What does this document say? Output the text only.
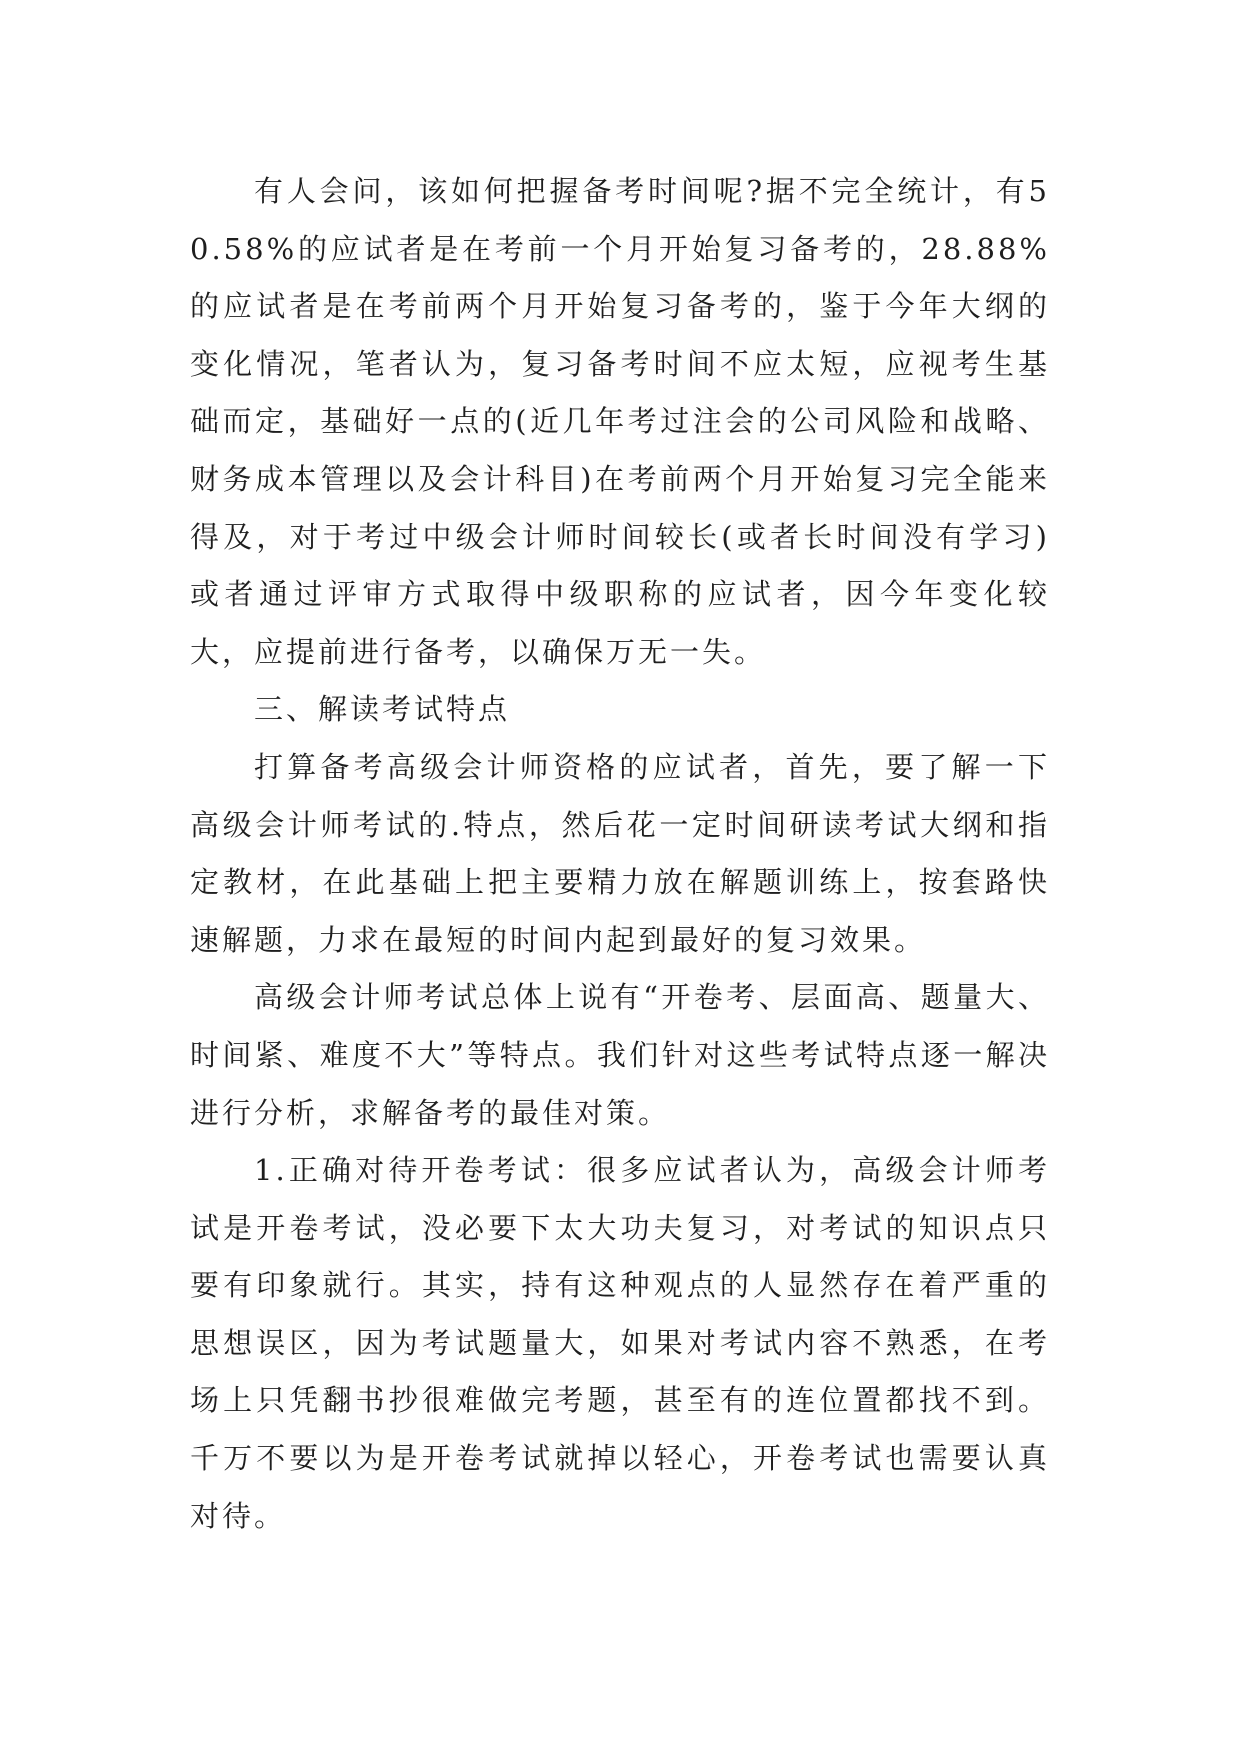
有人会问，该如何把握备考时间呢?据不完全统计，有50.58%的应试者是在考前一个月开始复习备考的，28.88%的应试者是在考前两个月开始复习备考的，鉴于今年大纲的变化情况，笔者认为，复习备考时间不应太短，应视考生基础而定，基础好一点的(近几年考过注会的公司风险和战略、财务成本管理以及会计科目)在考前两个月开始复习完全能来得及，对于考过中级会计师时间较长(或者长时间没有学习)或者通过评审方式取得中级职称的应试者，因今年变化较大，应提前进行备考，以确保万无一失。

三、解读考试特点

打算备考高级会计师资格的应试者，首先，要了解一下高级会计师考试的.特点，然后花一定时间研读考试大纲和指定教材，在此基础上把主要精力放在解题训练上，按套路快速解题，力求在最短的时间内起到最好的复习效果。

高级会计师考试总体上说有“开卷考、层面高、题量大、时间紧、难度不大”等特点。我们针对这些考试特点逐一解决进行分析，求解备考的最佳对策。

1.正确对待开卷考试：很多应试者认为，高级会计师考试是开卷考试，没必要下太大功夫复习，对考试的知识点只要有印象就行。其实，持有这种观点的人显然存在着严重的思想误区，因为考试题量大，如果对考试内容不熟悉，在考场上只凭翻书抄很难做完考题，甚至有的连位置都找不到。千万不要以为是开卷考试就掉以轻心，开卷考试也需要认真对待。
